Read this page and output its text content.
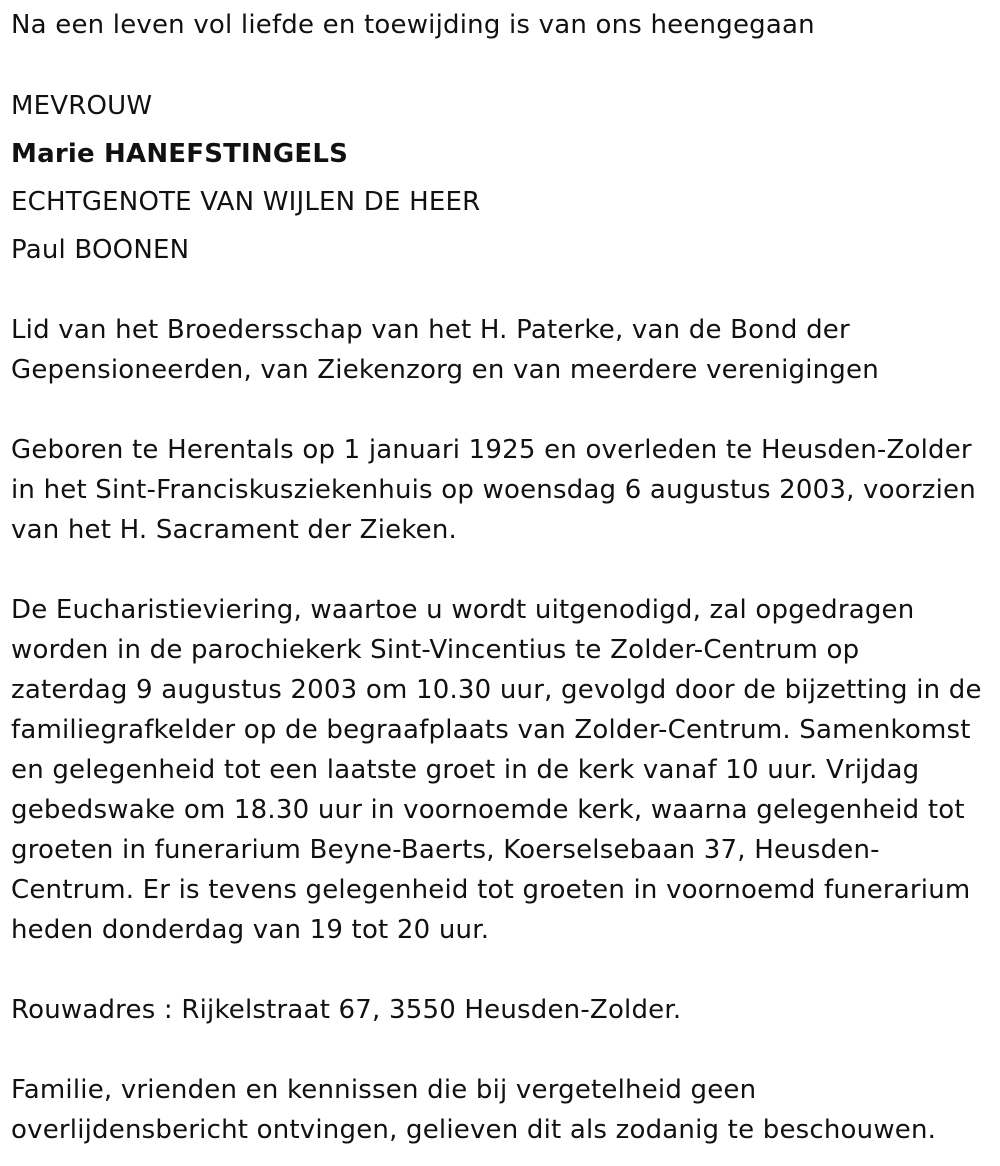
Na een leven vol liefde en toewijding is van ons heengegaan
MEVROUW
Marie HANEFSTINGELS
ECHTGENOTE VAN WIJLEN DE HEER
Paul BOONEN
Lid van het Broedersschap van het H. Paterke, van de Bond der
Gepensioneerden, van Ziekenzorg en van meerdere verenigingen
Geboren te Herentals op 1 januari 1925 en overleden te Heusden-Zolder
in het Sint-Franciskusziekenhuis op woensdag 6 augustus 2003, voorzien
van het H. Sacrament der Zieken.
De Eucharistieviering, waartoe u wordt uitgenodigd, zal opgedragen
worden in de parochiekerk Sint-Vincentius te Zolder-Centrum op
zaterdag 9 augustus 2003 om 10.30 uur, gevolgd door de bijzetting in de
familiegrafkelder op de begraafplaats van Zolder-Centrum. Samenkomst
en gelegenheid tot een laatste groet in de kerk vanaf 10 uur. Vrijdag
gebedswake om 18.30 uur in voornoemde kerk, waarna gelegenheid tot
groeten in funerarium Beyne-Baerts, Koerselsebaan 37, Heusden-
Centrum. Er is tevens gelegenheid tot groeten in voornoemd funerarium
heden donderdag van 19 tot 20 uur.
Rouwadres : Rijkelstraat 67, 3550 Heusden-Zolder.
Familie, vrienden en kennissen die bij vergetelheid geen
overlijdensbericht ontvingen, gelieven dit als zodanig te beschouwen.
